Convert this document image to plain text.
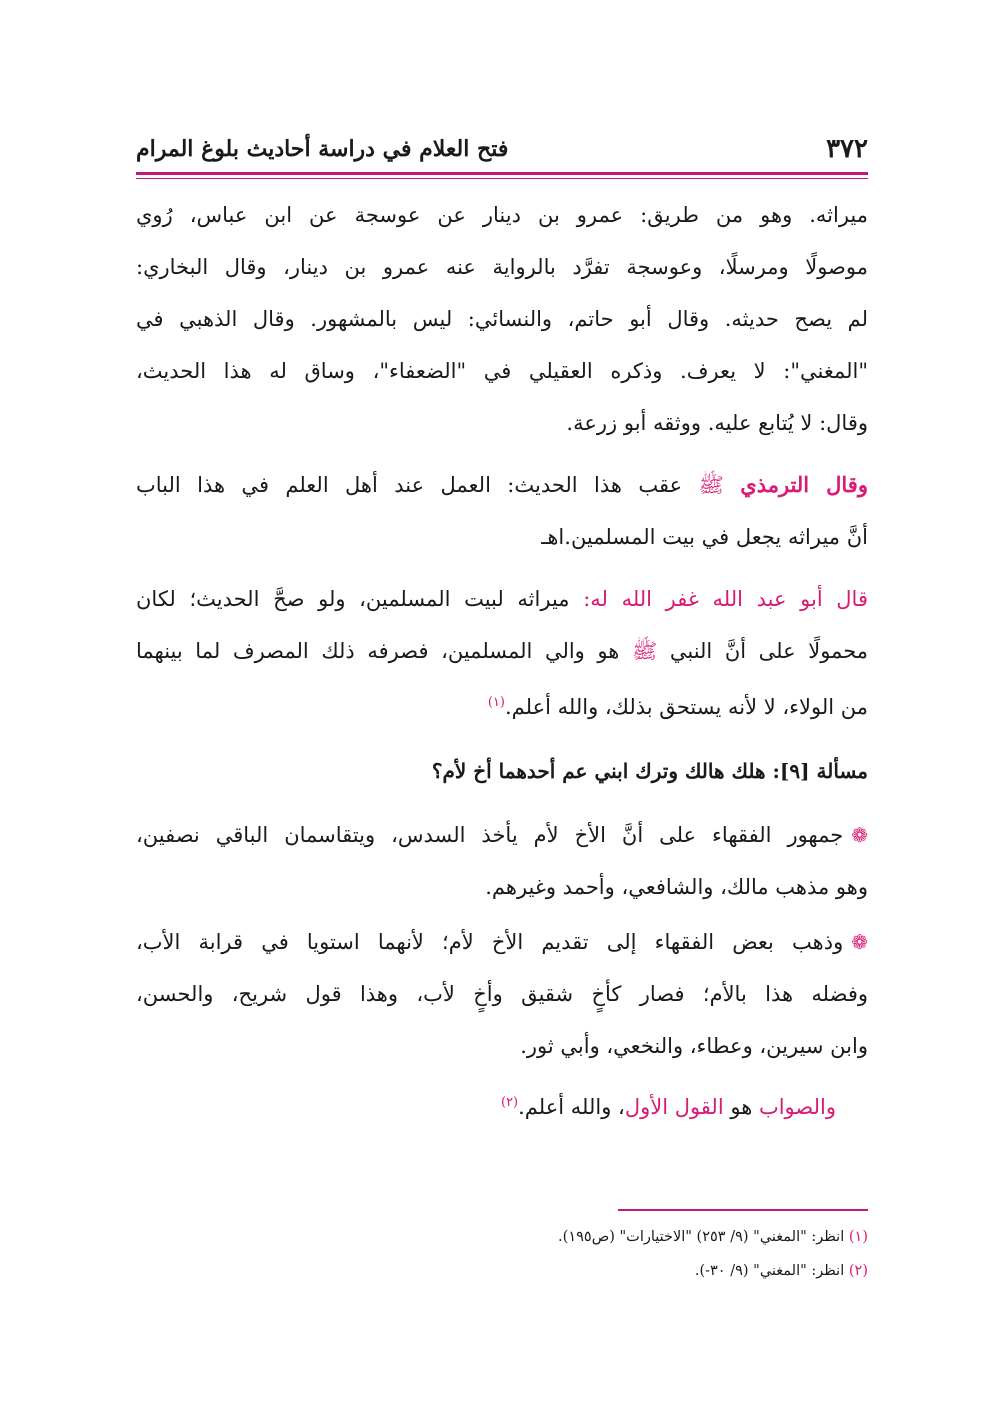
٣٧٢
فتح العلام في دراسة أحاديث بلوغ المرام
ميراثه. وهو من طريق: عمرو بن دينار عن عوسجة عن ابن عباس، رُوي
موصولًا ومرسلًا، وعوسجة تفرَّد بالرواية عنه عمرو بن دينار، وقال البخاري:
لم يصح حديثه. وقال أبو حاتم، والنسائي: ليس بالمشهور. وقال الذهبي في
"المغني": لا يعرف. وذكره العقيلي في "الضعفاء"، وساق له هذا الحديث،
وقال: لا يُتابع عليه. ووثقه أبو زرعة.
وقال الترمذي ﷺ عقب هذا الحديث: العمل عند أهل العلم في هذا الباب
أنَّ ميراثه يجعل في بيت المسلمين.اهـ
قال أبو عبد الله غفر الله له: ميراثه لبيت المسلمين، ولو صحَّ الحديث؛ لكان
محمولًا على أنَّ النبي ﷺ هو والي المسلمين، فصرفه ذلك المصرف لما بينهما
من الولاء، لا لأنه يستحق بذلك، والله أعلم.$^{(١)}$
مسألة [٩]: هلك هالك وترك ابني عم أحدهما أخ لأم؟
❁جمهور الفقهاء على أنَّ الأخ لأم يأخذ السدس، ويتقاسمان الباقي نصفين،
وهو مذهب مالك، والشافعي، وأحمد وغيرهم.
❁وذهب بعض الفقهاء إلى تقديم الأخ لأم؛ لأنهما استويا في قرابة الأب،
وفضله هذا بالأم؛ فصار كأخٍ شقيق وأخٍ لأب، وهذا قول شريح، والحسن،
وابن سيرين، وعطاء، والنخعي، وأبي ثور.
والصواب هو القول الأول، والله أعلم.$^{(٢)}$
(١) انظر: "المغني" (٩/ ٢٥٣) "الاختيارات" (ص١٩٥).
(٢) انظر: "المغني" (٩/ ٣٠-).
